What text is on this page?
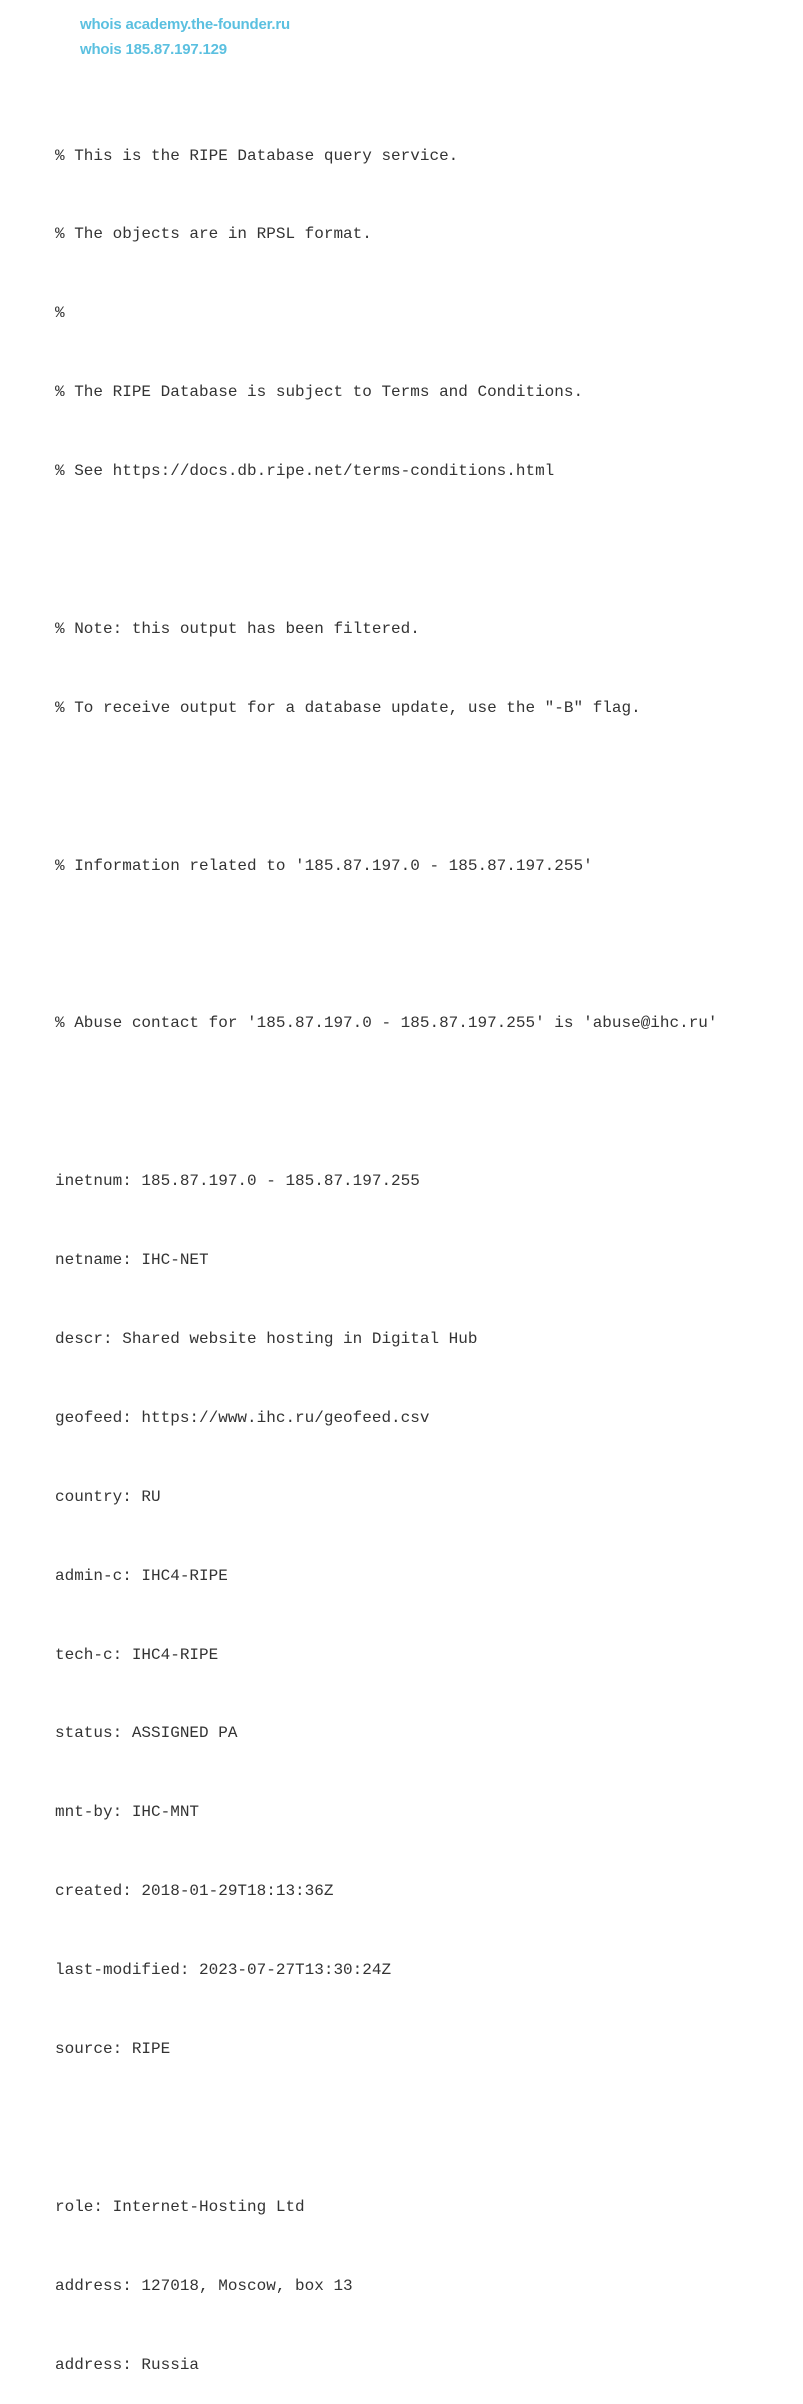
whois academy.the-founder.ru
whois 185.87.197.129

% This is the RIPE Database query service.

% The objects are in RPSL format.

%

% The RIPE Database is subject to Terms and Conditions.

% See https://docs.db.ripe.net/terms-conditions.html

% Note: this output has been filtered.

% To receive output for a database update, use the "-B" flag.

% Information related to '185.87.197.0 - 185.87.197.255'

% Abuse contact for '185.87.197.0 - 185.87.197.255' is 'abuse@ihc.ru'

inetnum: 185.87.197.0 - 185.87.197.255

netname: IHC-NET

descr: Shared website hosting in Digital Hub

geofeed: https://www.ihc.ru/geofeed.csv

country: RU

admin-c: IHC4-RIPE

tech-c: IHC4-RIPE

status: ASSIGNED PA

mnt-by: IHC-MNT

created: 2018-01-29T18:13:36Z

last-modified: 2023-07-27T13:30:24Z

source: RIPE

role: Internet-Hosting Ltd

address: 127018, Moscow, box 13

address: Russia
